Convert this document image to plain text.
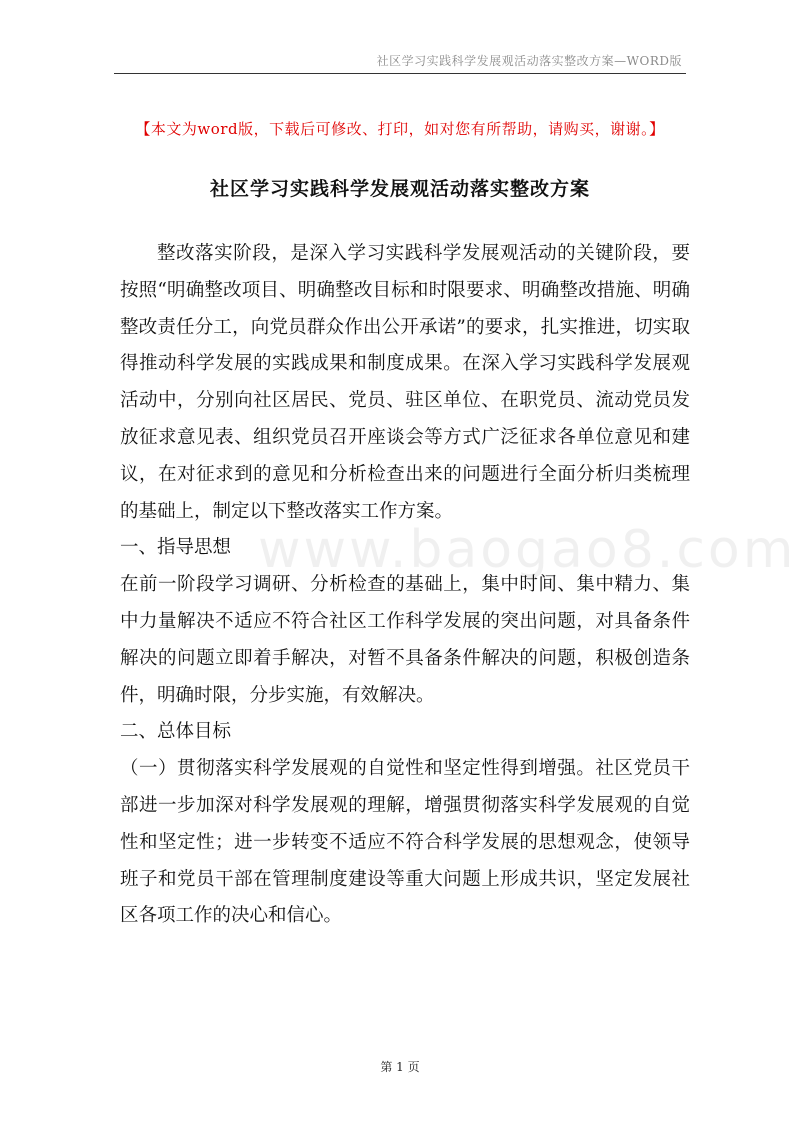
社区学习实践科学发展观活动落实整改方案—WORD版
【本文为word版，下载后可修改、打印，如对您有所帮助，请购买，谢谢。】
社区学习实践科学发展观活动落实整改方案
www.baogao8.com

整改落实阶段，是深入学习实践科学发展观活动的关键阶段，要按照“明确整改项目、明确整改目标和时限要求、明确整改措施、明确整改责任分工，向党员群众作出公开承诺”的要求，扎实推进，切实取得推动科学发展的实践成果和制度成果。在深入学习实践科学发展观活动中，分别向社区居民、党员、驻区单位、在职党员、流动党员发放征求意见表、组织党员召开座谈会等方式广泛征求各单位意见和建议，在对征求到的意见和分析检查出来的问题进行全面分析归类梳理的基础上，制定以下整改落实工作方案。

一、指导思想

在前一阶段学习调研、分析检查的基础上，集中时间、集中精力、集中力量解决不适应不符合社区工作科学发展的突出问题，对具备条件解决的问题立即着手解决，对暂不具备条件解决的问题，积极创造条件，明确时限，分步实施，有效解决。

二、总体目标

（一）贯彻落实科学发展观的自觉性和坚定性得到增强。社区党员干部进一步加深对科学发展观的理解，增强贯彻落实科学发展观的自觉性和坚定性；进一步转变不适应不符合科学发展的思想观念，使领导班子和党员干部在管理制度建设等重大问题上形成共识，坚定发展社区各项工作的决心和信心。

第 1 页
